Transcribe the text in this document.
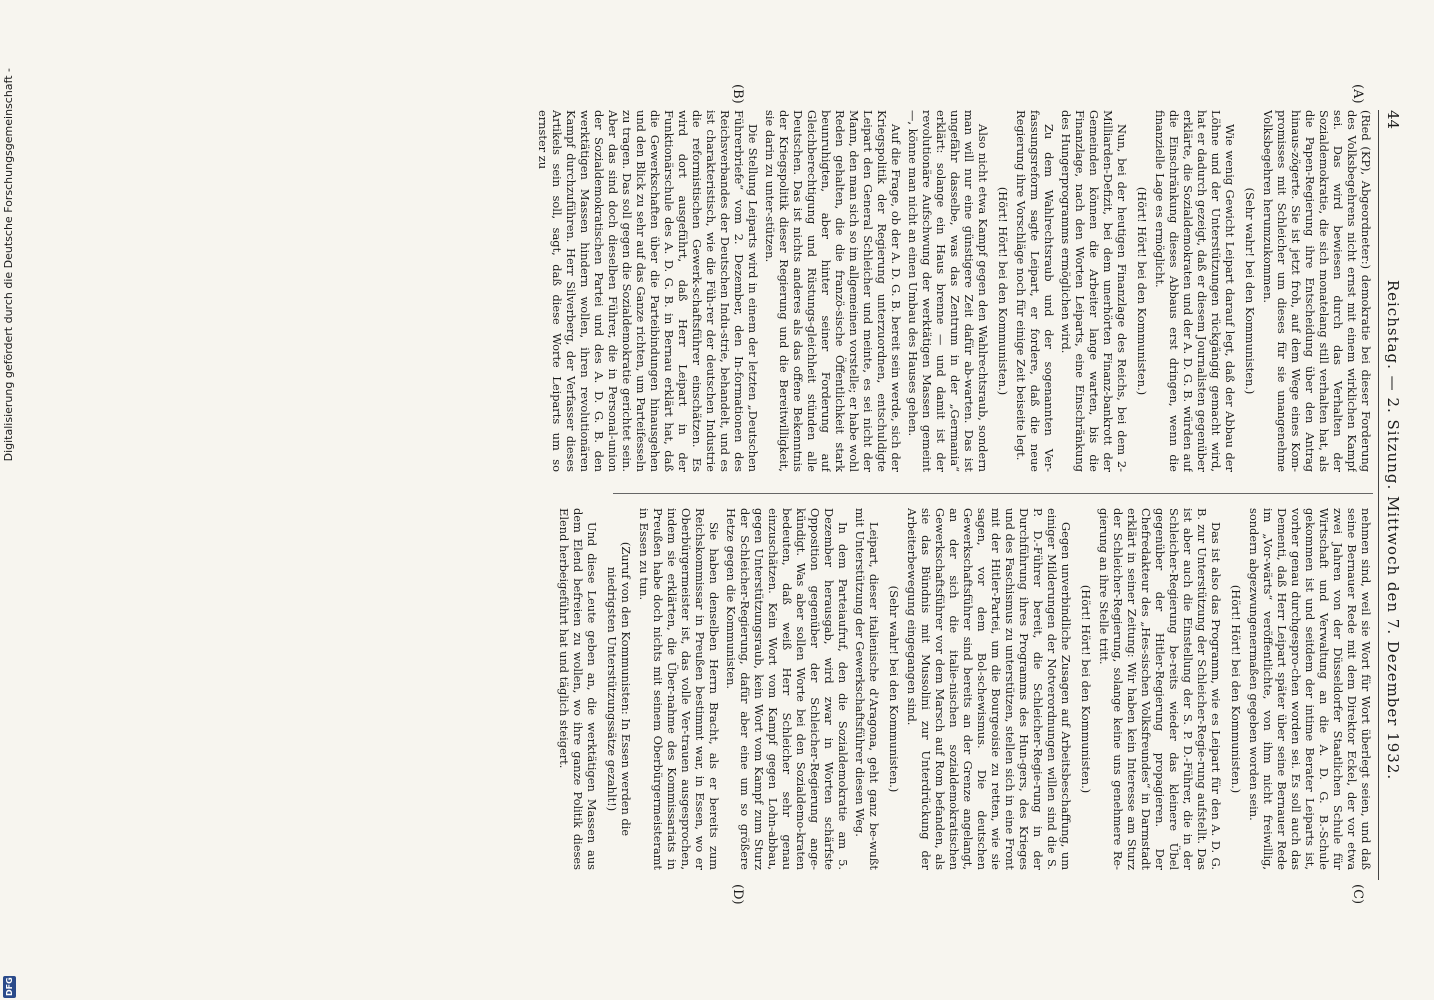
Digitalisierung gefördert durch die Deutsche Forschungsgemeinschaft -
DFG
44
Reichstag. — 2. Sitzung. Mittwoch den 7. Dezember 1932.
(A)
(B)
(C)
(D)

(Ried (KP), Abgeordneter:) demokratie bei dieser Forderung des Volksbegehrens nicht ernst mit einem wirklichen Kampf sei. Das wird bewiesen durch das Verhalten der Sozialdemokratie, die sich monatelang still verhalten hat, als die Papen-Regierung ihre Entscheidung über den Antrag hinaus-zögerte. Sie ist jetzt froh, auf dem Wege eines Kom-promisses mit Schleicher um dieses für sie unangenehme Volksbegehren herumzukommen.

(Sehr wahr! bei den Kommunisten.)

Wie wenig Gewicht Leipart darauf legt, daß der Abbau der Löhne und der Unterstützungen rückgängig gemacht wird, hat er dadurch gezeigt, daß er diesem Journalisten gegenüber erklärte, die Sozialdemokraten und der A. D. G. B. würden auf die Einschränkung dieses Abbaus erst dringen, wenn die finanzielle Lage es ermöglicht.

(Hört! Hört! bei den Kommunisten.)

Nun, bei der heutigen Finanzlage des Reichs, bei dem 2-Milliarden-Defizit, bei dem unerhörten Finanz-bankrott der Gemeinden können die Arbeiter lange warten, bis die Finanzlage, nach den Worten Leiparts, eine Einschränkung des Hungerprogramms ermöglichen wird.

Zu dem Wahlrechtsraub und der sogenannten Ver-fassungsreform sagte Leipart, er fordere, daß die neue Regierung ihre Vorschläge noch für einige Zeit beiseite legt.

(Hört! Hört! bei den Kommunisten.)

Also nicht etwa Kampf gegen den Wahlrechtsraub, sondern man will nur eine günstigere Zeit dafür ab-warten. Das ist ungefähr dasselbe, was das Zentrum in der „Germania“ erklärt: solange ein Haus brenne — und damit ist der revolutionäre Aufschwung der werktätigen Massen gemeint —, könne man nicht an einen Umbau des Hauses gehen.

Auf die Frage, ob der A. D. G. B. bereit sein werde, sich der Kriegspolitik der Regierung unterzuordnen, entschuldigte Leipart den General Schleicher und meinte, es sei nicht der Mann, den man sich so im allgemeinen vorstelle; er habe wohl Reden gehalten, die die franzö-sische Öffentlichkeit stark beunruhigten, aber hinter seiner Forderung auf Gleichberechtigung und Rüstungs-gleichheit stünden alle Deutschen. Das ist nichts anderes als das offene Bekenntnis der Kriegspolitik dieser Regierung und die Bereitwilligkeit, sie darin zu unter-stützen.

Die Stellung Leiparts wird in einem der letzten „Deutschen Führerbriefe“ vom 2. Dezember, den In-formationen des Reichsverbandes der Deutschen Indu-strie, behandelt, und es ist charakteristisch, wie die Füh-rer der deutschen Industrie die reformistischen Gewerk-schaftsführer einschätzen. Es wird dort ausgeführt, daß Herr Leipart in der Funktionärschule des A. D. G. B. in Bernau erklärt hat, daß die Gewerkschaften über die Parteibindungen hinausgehen und den Blick zu sehr auf das Ganze richten, um Parteifesseln zu tragen. Das soll gegen die Sozialdemokratie gerichtet sein. Aber das sind doch dieselben Führer, die in Personal-union der Sozialdemokratischen Partei und des A. D. G. B. den werktätigen Massen hindern wollen, ihren revolutionären Kampf durchzuführen. Herr Silverberg, der Verfasser dieses Artikels sein soll, sagt, daß diese Worte Leiparts um so ernster zu

nehmen sind, weil sie Wort für Wort überlegt seien, und daß seine Bernauer Rede mit dem Direktor Eckel, der vor etwa zwei Jahren von der Düsseldorfer Staatlichen Schule für Wirtschaft und Verwaltung an die A. D. G. B.-Schule gekommen ist und seitdem der intime Berater Leiparts ist, vorher genau durchgespro-chen worden sei. Es soll auch das Dementi, daß Herr Leipart später über seine Bernauer Rede im „Vor-wärts“ veröffentlichte, von ihm nicht freiwillig, sondern abgezwungenermaßen gegeben worden sein.

(Hört! Hört! bei den Kommunisten.)

Das ist also das Programm, wie es Leipart für den A. D. G. B. zur Unterstützung der Schleicher-Regie-rung aufstellt. Das ist aber auch die Einstellung der S. P. D.-Führer, die in der Schleicher-Regierung be-reits wieder das kleinere Übel gegenüber der Hitler-Regierung propagieren. Der Chefredakteur des „Hes-sischen Volksfreundes“ in Darmstadt erklärt in seiner Zeitung: Wir haben kein Interesse am Sturz der Schleicher-Regierung, solange keine uns genehmere Re-gierung an ihre Stelle tritt.

(Hört! Hört! bei den Kommunisten.)

Gegen unverbindliche Zusagen auf Arbeitsbeschaffung, um einiger Milderungen der Notverordnungen willen sind die S. P. D.-Führer bereit, die Schleicher-Regie-rung in der Durchführung ihres Programms des Hun-gers, des Krieges und des Faschismus zu unterstützen, stellen sich in eine Front mit der Hitler-Partei, um die Bourgeoisie zu retten, wie sie sagen, vor dem Bol-schewismus. Die deutschen Gewerkschaftsführer sind bereits an der Grenze angelangt, an der sich die italie-nischen sozialdemokratischen Gewerkschaftsführer vor dem Marsch auf Rom befanden, als sie das Bündnis mit Mussolini zur Unterdrückung der Arbeiterbewegung eingegangen sind.

(Sehr wahr! bei den Kommunisten.)

Leipart, dieser italienische d'Aragona, geht ganz be-wußt mit Unterstützung der Gewerkschaftsführer diesen Weg.

In dem Parteiaufruf, den die Sozialdemokratie am 5. Dezember herausgab, wird zwar in Worten schärfste Opposition gegenüber der Schleicher-Regierung ange-kündigt. Was aber sollen Worte bei den Sozialdemo-kraten bedeuten, daß weiß Herr Schleicher sehr genau einzuschätzen. Kein Wort vom Kampf gegen Lohn-abbau, gegen Unterstützungsraub, kein Wort vom Kampf zum Sturz der Schleicher-Regierung, dafür aber eine um so größere Hetze gegen die Kommunisten.

Sie haben denselben Herrn Bracht, als er bereits zum Reichskommissar in Preußen bestimmt war, in Essen, wo er Oberbürgermeister ist, das volle Ver-trauen ausgesprochen, indem sie erklärten, die Über-nahme des Kommissariats in Preußen habe doch nichts mit seinem Oberbürgermeisteramt in Essen zu tun.

(Zuruf von den Kommunisten: In Essen werden die niedrigsten Unterstützungssätze gezahlt!)

Und diese Leute geben an, die werktätigen Massen aus dem Elend befreien zu wollen, wo ihre ganze Politik dieses Elend herbeigeführt hat und täglich steigert.
